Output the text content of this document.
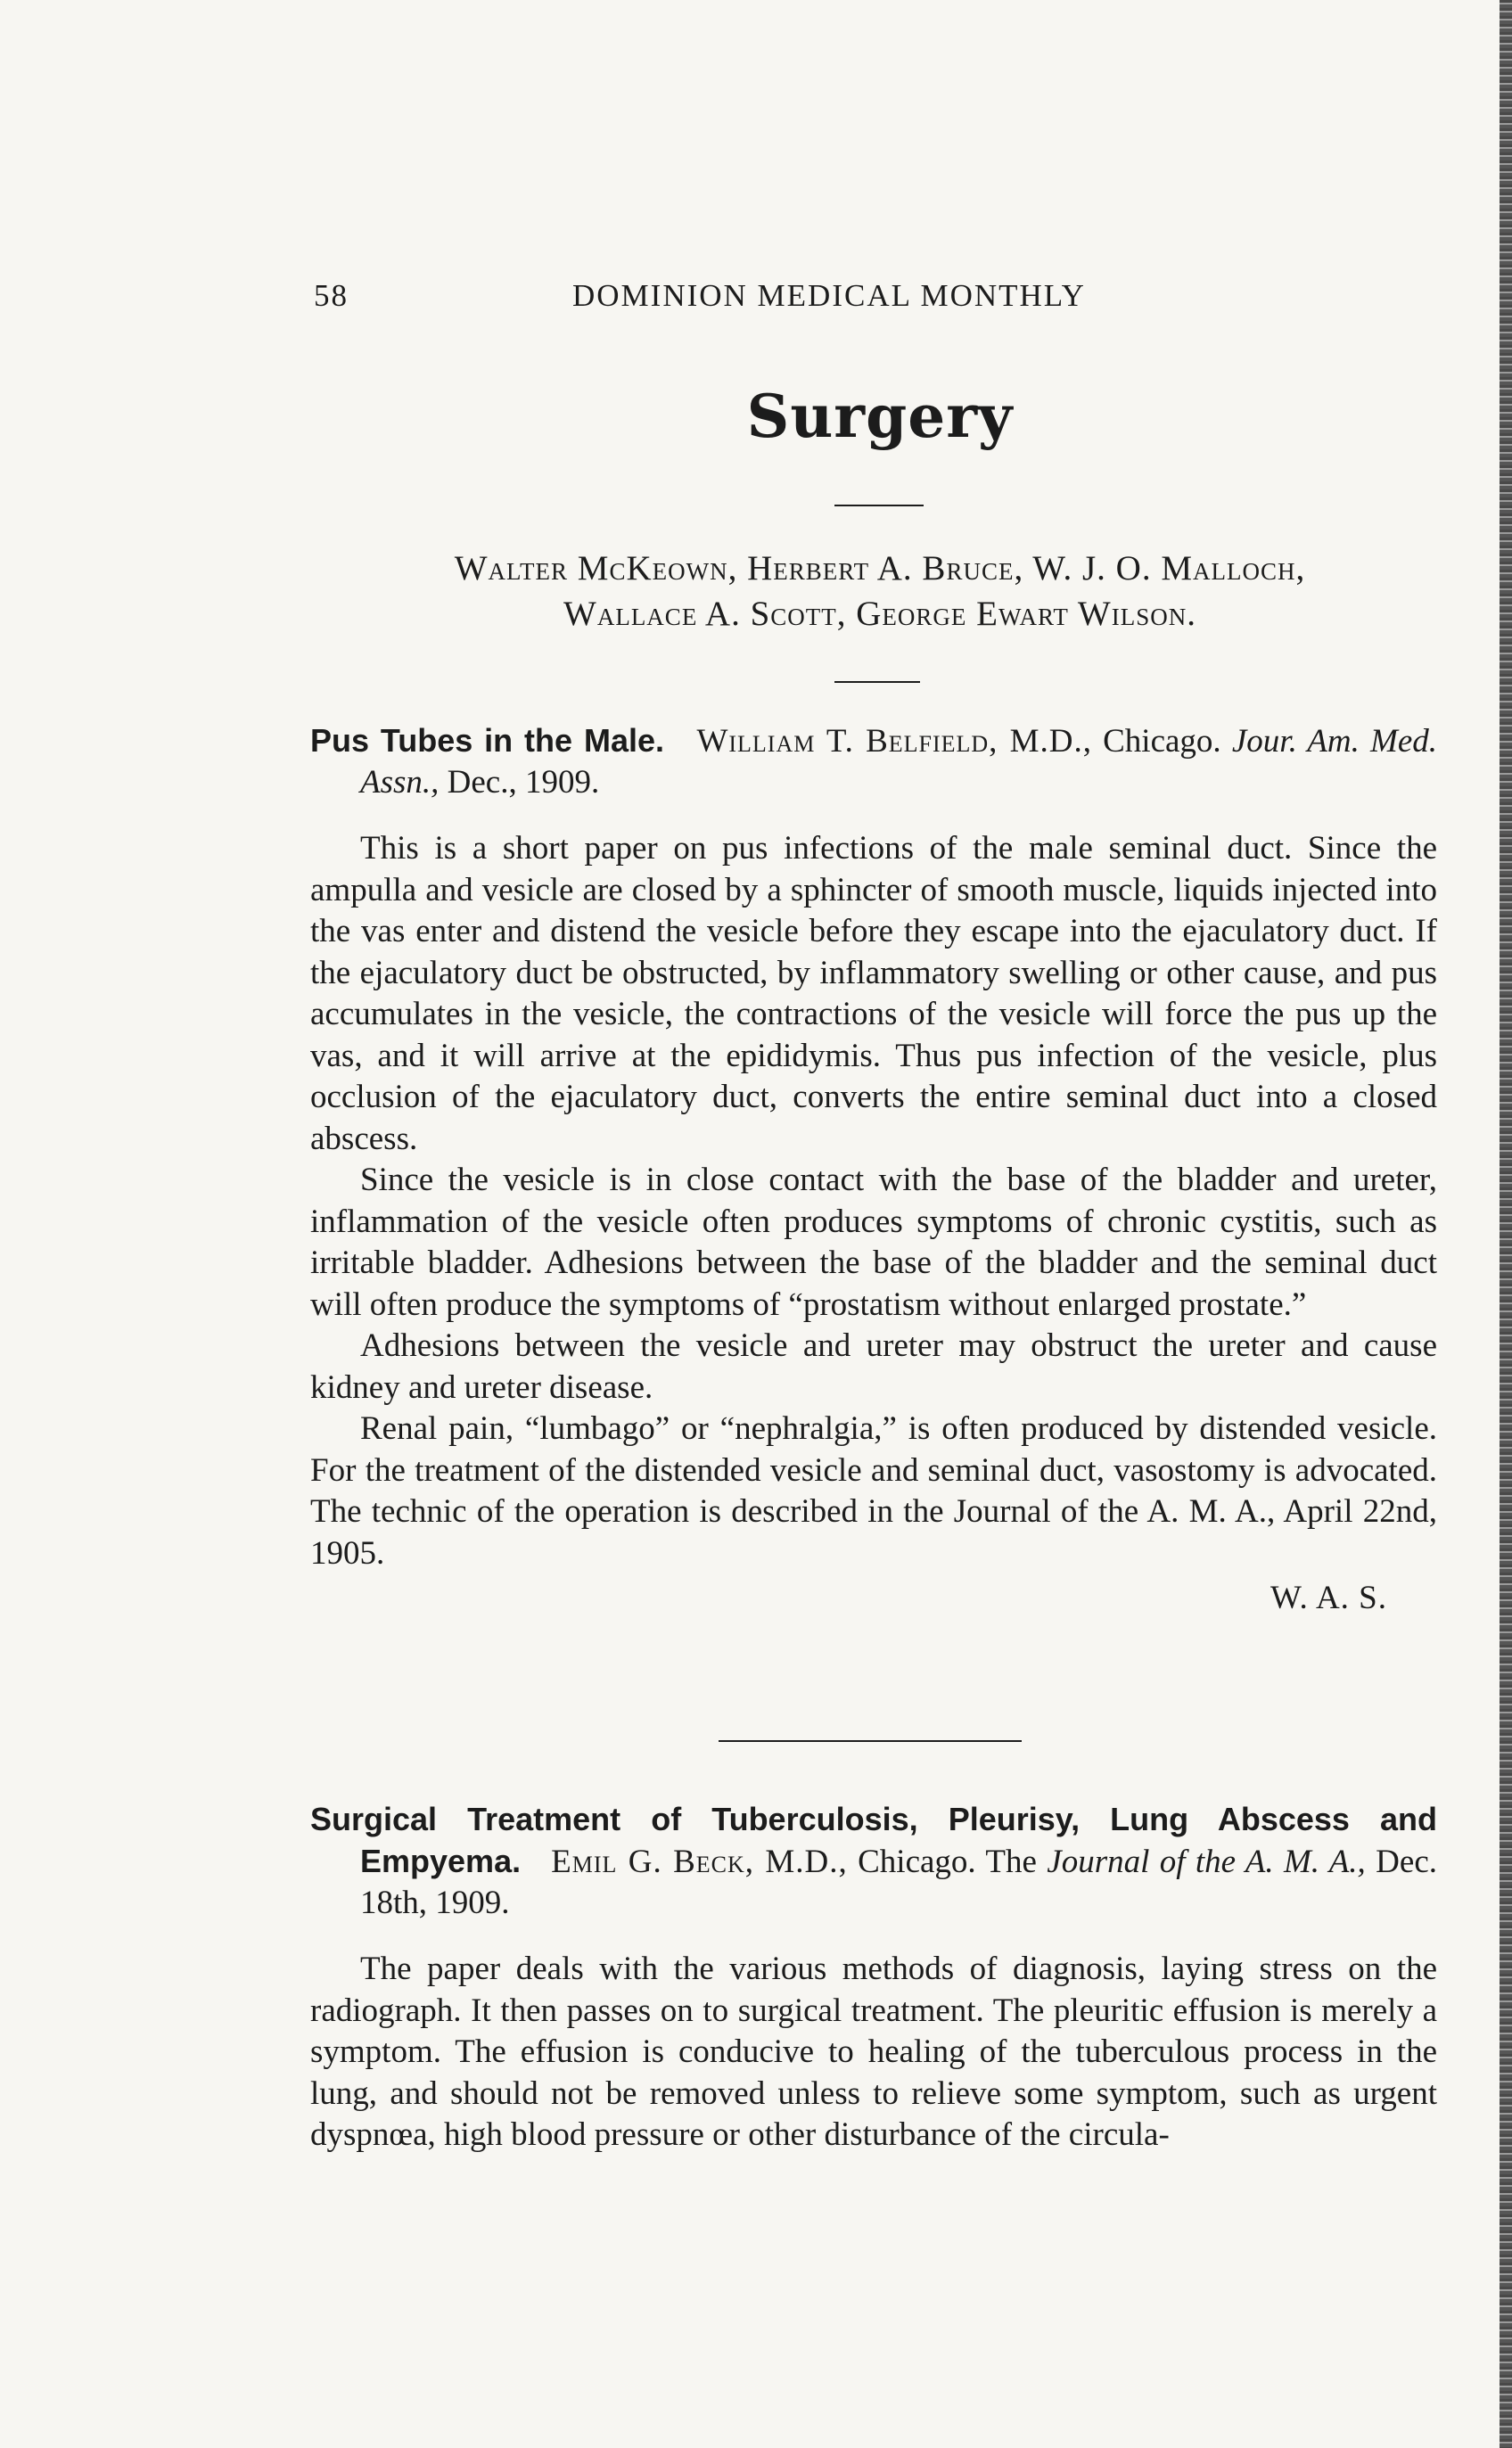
58	DOMINION MEDICAL MONTHLY
Surgery
Walter McKeown, Herbert A. Bruce, W. J. O. Malloch,
Wallace A. Scott, George Ewart Wilson.
Pus Tubes in the Male. William T. Belfield, M.D., Chicago. Jour. Am. Med. Assn., Dec., 1909.

This is a short paper on pus infections of the male seminal duct. Since the ampulla and vesicle are closed by a sphincter of smooth muscle, liquids injected into the vas enter and distend the vesicle before they escape into the ejaculatory duct. If the ejaculatory duct be obstructed, by inflammatory swelling or other cause, and pus accumulates in the vesicle, the contractions of the vesicle will force the pus up the vas, and it will arrive at the epididymis. Thus pus infection of the vesicle, plus occlusion of the ejaculatory duct, converts the entire seminal duct into a closed abscess.

Since the vesicle is in close contact with the base of the bladder and ureter, inflammation of the vesicle often produces symptoms of chronic cystitis, such as irritable bladder. Adhesions between the base of the bladder and the seminal duct will often produce the symptoms of “prostatism without enlarged prostate.”

Adhesions between the vesicle and ureter may obstruct the ureter and cause kidney and ureter disease.

Renal pain, “lumbago” or “nephralgia,” is often produced by distended vesicle. For the treatment of the distended vesicle and seminal duct, vasostomy is advocated. The technic of the operation is described in the Journal of the A. M. A., April 22nd, 1905.

W. A. S.
Surgical Treatment of Tuberculosis, Pleurisy, Lung Abscess and Empyema. Emil G. Beck, M.D., Chicago. The Journal of the A. M. A., Dec. 18th, 1909.

The paper deals with the various methods of diagnosis, laying stress on the radiograph. It then passes on to surgical treatment. The pleuritic effusion is merely a symptom. The effusion is conducive to healing of the tuberculous process in the lung, and should not be removed unless to relieve some symptom, such as urgent dyspnœa, high blood pressure or other disturbance of the circula-
